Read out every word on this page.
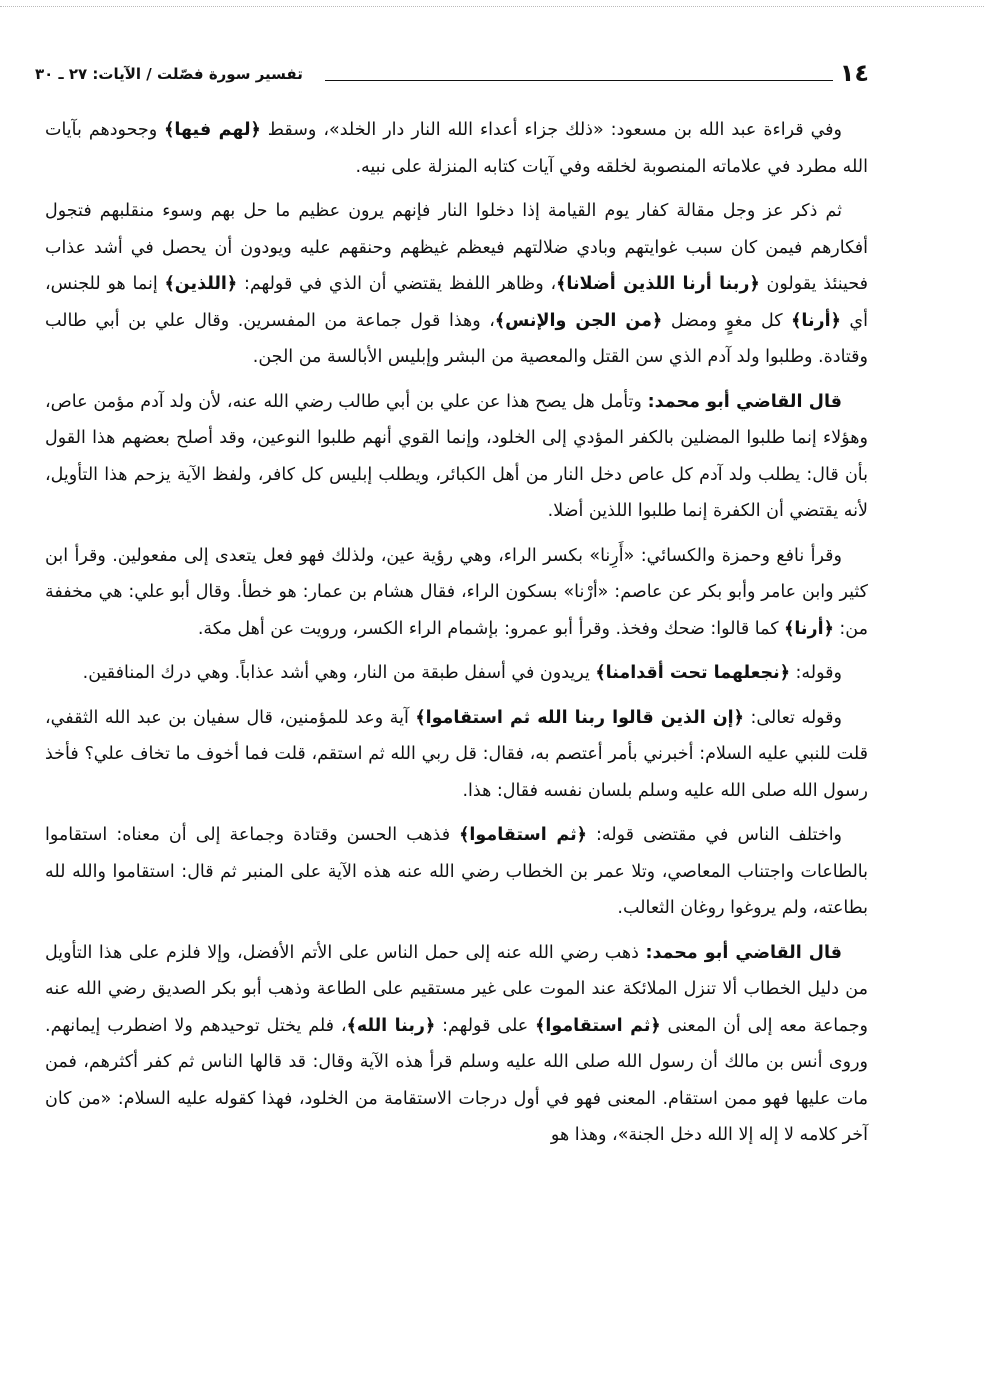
١٤
تفسير سورة فصّلت / الآيات: ٢٧ ـ ٣٠

وفي قراءة عبد الله بن مسعود: «ذلك جزاء أعداء الله النار دار الخلد»، وسقط ﴿لهم فيها﴾ وجحودهم بآيات الله مطرد في علاماته المنصوبة لخلقه وفي آيات كتابه المنزلة على نبيه.

ثم ذكر عز وجل مقالة كفار يوم القيامة إذا دخلوا النار فإنهم يرون عظيم ما حل بهم وسوء منقلبهم فتجول أفكارهم فيمن كان سبب غوايتهم وبادي ضلالتهم فيعظم غيظهم وحنقهم عليه ويودون أن يحصل في أشد عذاب فحينئذ يقولون ﴿ربنا أرنا اللذين أضلانا﴾، وظاهر اللفظ يقتضي أن الذي في قولهم: ﴿اللذين﴾ إنما هو للجنس، أي ﴿أرنا﴾ كل مغوٍ ومضل ﴿من الجن والإنس﴾، وهذا قول جماعة من المفسرين. وقال علي بن أبي طالب وقتادة. وطلبوا ولد آدم الذي سن القتل والمعصية من البشر وإبليس الأبالسة من الجن.

قال القاضي أبو محمد: وتأمل هل يصح هذا عن علي بن أبي طالب رضي الله عنه، لأن ولد آدم مؤمن عاص، وهؤلاء إنما طلبوا المضلين بالكفر المؤدي إلى الخلود، وإنما القوي أنهم طلبوا النوعين، وقد أصلح بعضهم هذا القول بأن قال: يطلب ولد آدم كل عاص دخل النار من أهل الكبائر، ويطلب إبليس كل كافر، ولفظ الآية يزحم هذا التأويل، لأنه يقتضي أن الكفرة إنما طلبوا اللذين أضلا.

وقرأ نافع وحمزة والكسائي: «أَرِنا» بكسر الراء، وهي رؤية عين، ولذلك فهو فعل يتعدى إلى مفعولين. وقرأ ابن كثير وابن عامر وأبو بكر عن عاصم: «أرْنا» بسكون الراء، فقال هشام بن عمار: هو خطأ. وقال أبو علي: هي مخففة من: ﴿أرنا﴾ كما قالوا: ضحك وفخذ. وقرأ أبو عمرو: بإشمام الراء الكسر، ورويت عن أهل مكة.

وقوله: ﴿نجعلهما تحت أقدامنا﴾ يريدون في أسفل طبقة من النار، وهي أشد عذاباً. وهي درك المنافقين.

وقوله تعالى: ﴿إن الذين قالوا ربنا الله ثم استقاموا﴾ آية وعد للمؤمنين، قال سفيان بن عبد الله الثقفي، قلت للنبي عليه السلام: أخبرني بأمر أعتصم به، فقال: قل ربي الله ثم استقم، قلت فما أخوف ما تخاف علي؟ فأخذ رسول الله صلى الله عليه وسلم بلسان نفسه فقال: هذا.

واختلف الناس في مقتضى قوله: ﴿ثم استقاموا﴾ فذهب الحسن وقتادة وجماعة إلى أن معناه: استقاموا بالطاعات واجتناب المعاصي، وتلا عمر بن الخطاب رضي الله عنه هذه الآية على المنبر ثم قال: استقاموا والله لله بطاعته، ولم يروغوا روغان الثعالب.

قال القاضي أبو محمد: ذهب رضي الله عنه إلى حمل الناس على الأتم الأفضل، وإلا فلزم على هذا التأويل من دليل الخطاب ألا تنزل الملائكة عند الموت على غير مستقيم على الطاعة وذهب أبو بكر الصديق رضي الله عنه وجماعة معه إلى أن المعنى ﴿ثم استقاموا﴾ على قولهم: ﴿ربنا الله﴾، فلم يختل توحيدهم ولا اضطرب إيمانهم. وروى أنس بن مالك أن رسول الله صلى الله عليه وسلم قرأ هذه الآية وقال: قد قالها الناس ثم كفر أكثرهم، فمن مات عليها فهو ممن استقام. المعنى فهو في أول درجات الاستقامة من الخلود، فهذا كقوله عليه السلام: «من كان آخر كلامه لا إله إلا الله دخل الجنة»، وهذا هو
